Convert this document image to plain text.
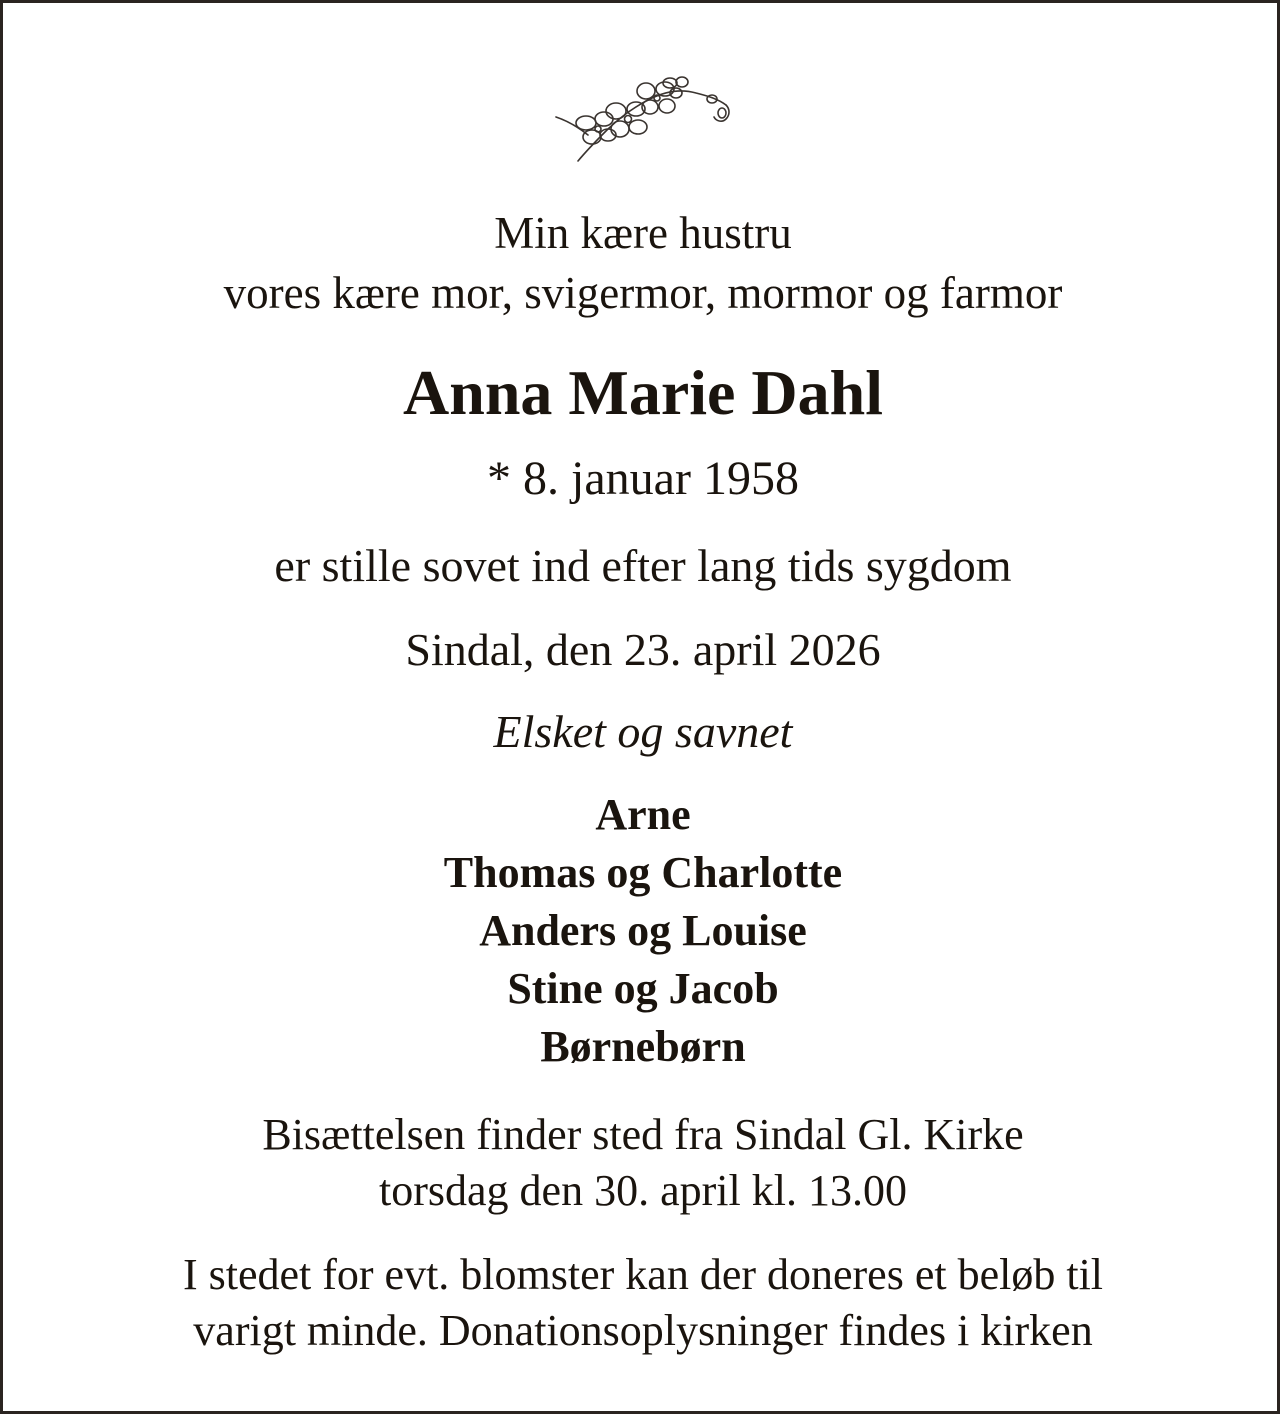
Min kære hustru
vores kære mor, svigermor, mormor og farmor
Anna Marie Dahl
* 8. januar 1958
er stille sovet ind efter lang tids sygdom
Sindal, den 23. april 2026
Elsket og savnet
Arne
Thomas og Charlotte
Anders og Louise
Stine og Jacob
Børnebørn
Bisættelsen finder sted fra Sindal Gl. Kirke
torsdag den 30. april kl. 13.00
I stedet for evt. blomster kan der doneres et beløb til
varigt minde. Donationsoplysninger findes i kirken
